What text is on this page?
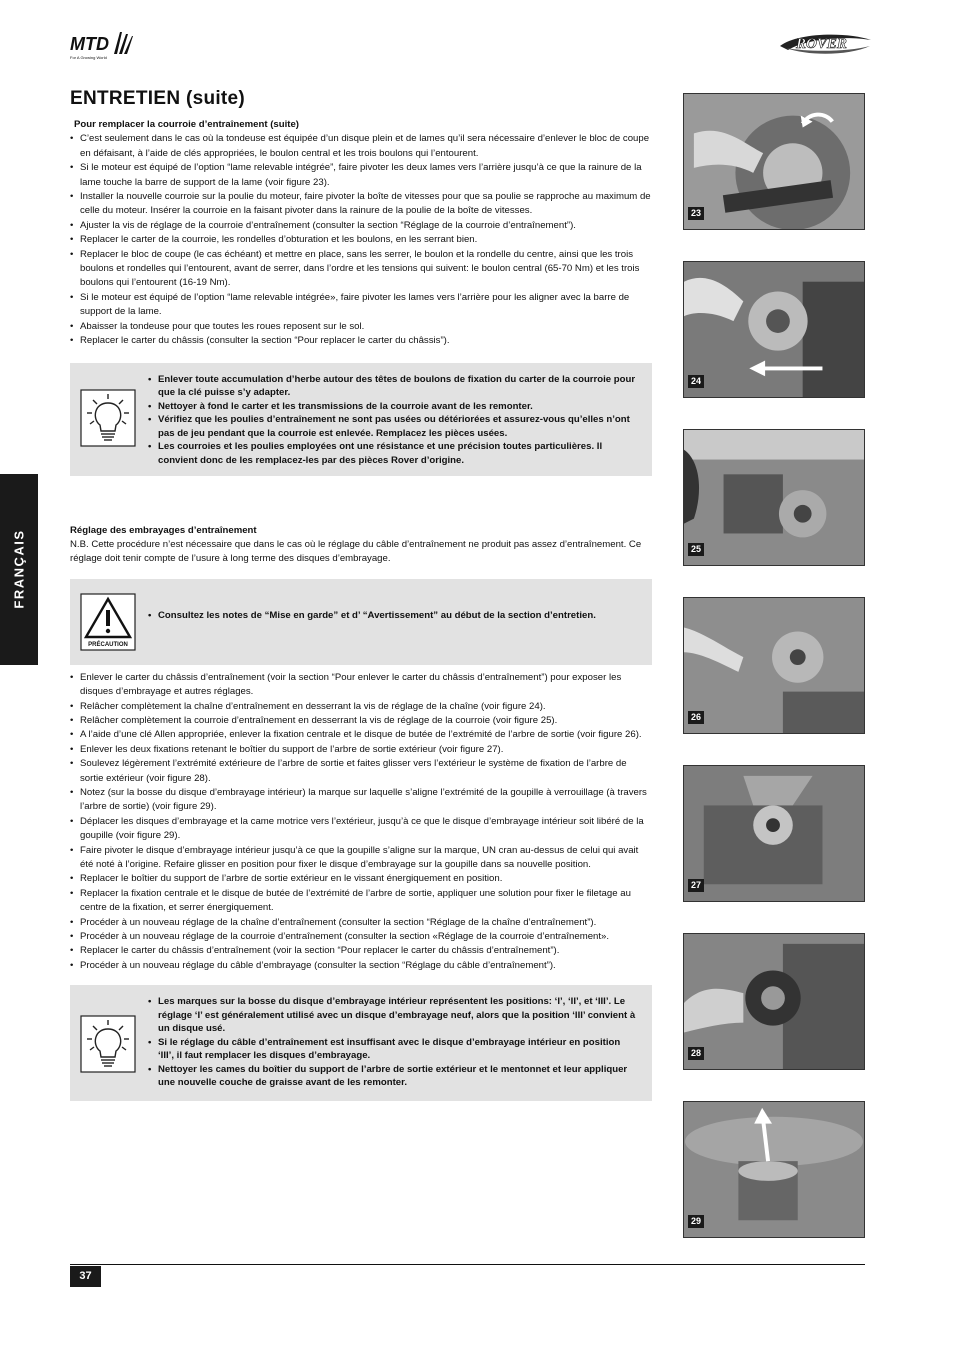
MTD
For A Growing World
ROVER
ENTRETIEN (suite)
FRANÇAIS
Pour remplacer la courroie d’entraînement (suite)
• C’est seulement dans le cas où la tondeuse est équipée d’un disque plein et de lames qu’il sera nécessaire d’enlever le bloc de coupe en défaisant, à l’aide de clés appropriées, le boulon central et les trois boulons qui l’entourent.
• Si le moteur est équipé de l’option “lame relevable intégrée”, faire pivoter les deux lames vers l’arrière jusqu’à ce que la rainure de la lame touche la barre de support de la lame (voir figure 23).
• Installer la nouvelle courroie sur la poulie du moteur, faire pivoter la boîte de vitesses pour que sa poulie se rapproche au maximum de celle du moteur. Insérer la courroie en la faisant pivoter dans la rainure de la poulie de la boîte de vitesses.
• Ajuster la vis de réglage de la courroie d’entraînement (consulter la section “Réglage de la courroie d’entraînement”).
• Replacer le carter de la courroie, les rondelles d’obturation et les boulons, en les serrant bien.
• Replacer le bloc de coupe (le cas échéant) et mettre en place, sans les serrer, le boulon et la rondelle du centre, ainsi que les trois boulons et rondelles qui l’entourent, avant de serrer, dans l’ordre et les tensions qui suivent: le boulon central (65-70 Nm) et les trois boulons qui l’entourent (16-19 Nm).
• Si le moteur est équipé de l’option “lame relevable intégrée», faire pivoter les lames vers l’arrière pour les aligner avec la barre de support de la lame.
• Abaisser la tondeuse pour que toutes les roues reposent sur le sol.
• Replacer le carter du châssis (consulter la section “Pour replacer le carter du châssis”).
• Enlever toute accumulation d’herbe autour des têtes de boulons de fixation du carter de la courroie pour que la clé puisse s’y adapter.
• Nettoyer à fond le carter et les transmissions de la courroie avant de les remonter.
• Vérifiez que les poulies d’entraînement ne sont pas usées ou détériorées et assurez-vous qu’elles n’ont pas de jeu pendant que la courroie est enlevée. Remplacez les pièces usées.
• Les courroies et les poulies employées ont une résistance et une précision toutes particulières. Il convient donc de les remplacez-les par des pièces Rover d’origine.
Réglage des embrayages d’entraînement

N.B. Cette procédure n’est nécessaire que dans le cas où le réglage du câble d’entraînement ne produit pas assez d’entraînement. Ce réglage doit tenir compte de l’usure à long terme des disques d’embrayage.

PRÉCAUTION
• Consultez les notes de “Mise en garde” et d’ “Avertissement” au début de la section d’entretien.
• Enlever le carter du châssis d’entraînement (voir la section “Pour enlever le carter du châssis d’entraînement”) pour exposer les disques d’embrayage et autres réglages.
• Relâcher complètement la chaîne d’entraînement en desserrant la vis de réglage de la chaîne (voir figure 24).
• Relâcher complètement la courroie d’entraînement en desserrant la vis de réglage de la courroie (voir figure 25).
• A l’aide d’une clé Allen appropriée, enlever la fixation centrale et le disque de butée de l’extrémité de l’arbre de sortie (voir figure 26).
• Enlever les deux fixations retenant le boîtier du support de l’arbre de sortie extérieur (voir figure 27).
• Soulevez légèrement l’extrémité extérieure de l’arbre de sortie et faites glisser vers l’extérieur le système de fixation de l’arbre de sortie extérieur (voir figure 28).
• Notez (sur la bosse du disque d’embrayage intérieur) la marque sur laquelle s’aligne l’extrémité de la goupille à verrouillage (à travers l’arbre de sortie) (voir figure 29).
• Déplacer les disques d’embrayage et la came motrice vers l’extérieur, jusqu’à ce que le disque d’embrayage intérieur soit libéré de la goupille (voir figure 29).
• Faire pivoter le disque d’embrayage intérieur jusqu’à ce que la goupille s’aligne sur la marque, UN cran au-dessus de celui qui avait été noté à l’origine. Refaire glisser en position pour fixer le disque d’embrayage sur la goupille dans sa nouvelle position.
• Replacer le boîtier du support de l’arbre de sortie extérieur en le vissant énergiquement en position.
• Replacer la fixation centrale et le disque de butée de l’extrémité de l’arbre de sortie, appliquer une solution pour fixer le filetage au centre de la fixation, et serrer énergiquement.
• Procéder à un nouveau réglage de la chaîne d’entraînement (consulter la section “Réglage de la chaîne d’entraînement”).
• Procéder à un nouveau réglage de la courroie d’entraînement (consulter la section «Réglage de la courroie d’entraînement».
• Replacer le carter du châssis d’entraînement (voir la section “Pour replacer le carter du châssis d’entraînement”).
• Procéder à un nouveau réglage du câble d’embrayage (consulter la section “Réglage du câble d’entraînement”).
• Les marques sur la bosse du disque d’embrayage intérieur représentent les positions: ‘I’, ‘II’, et ‘III’. Le réglage ‘I’ est généralement utilisé avec un disque d’embrayage neuf, alors que la position ‘III’ convient à un disque usé.
• Si le réglage du câble d’entraînement est insuffisant avec le disque d’embrayage intérieur en position ‘III’, il faut remplacer les disques d’embrayage.
• Nettoyer les cames du boîtier du support de l’arbre de sortie extérieur et le mentonnet et leur appliquer une nouvelle couche de graisse avant de les remonter.
23
24
25
26
27
28
29
37
